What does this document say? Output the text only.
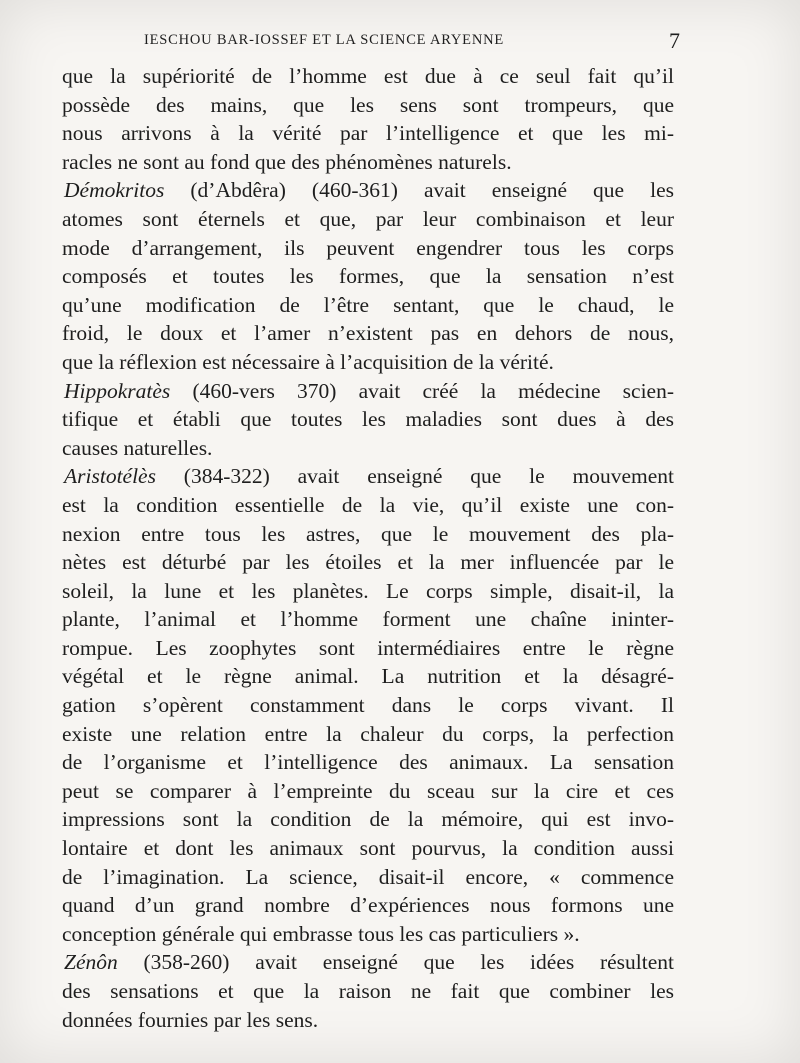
IESCHOU BAR-IOSSEF ET LA SCIENCE ARYENNE	7

que la supériorité de l’homme est due à ce seul fait qu’il
possède des mains, que les sens sont trompeurs, que
nous arrivons à la vérité par l’intelligence et que les mi-
racles ne sont au fond que des phénomènes naturels.

Démokritos (d’Abdêra) (460-361) avait enseigné que les
atomes sont éternels et que, par leur combinaison et leur
mode d’arrangement, ils peuvent engendrer tous les corps
composés et toutes les formes, que la sensation n’est
qu’une modification de l’être sentant, que le chaud, le
froid, le doux et l’amer n’existent pas en dehors de nous,
que la réflexion est nécessaire à l’acquisition de la vérité.

Hippokratès (460-vers 370) avait créé la médecine scien-
tifique et établi que toutes les maladies sont dues à des
causes naturelles.

Aristotélès (384-322) avait enseigné que le mouvement
est la condition essentielle de la vie, qu’il existe une con-
nexion entre tous les astres, que le mouvement des pla-
nètes est déturbé par les étoiles et la mer influencée par le
soleil, la lune et les planètes. Le corps simple, disait-il, la
plante, l’animal et l’homme forment une chaîne ininter-
rompue. Les zoophytes sont intermédiaires entre le règne
végétal et le règne animal. La nutrition et la désagré-
gation s’opèrent constamment dans le corps vivant. Il
existe une relation entre la chaleur du corps, la perfection
de l’organisme et l’intelligence des animaux. La sensation
peut se comparer à l’empreinte du sceau sur la cire et ces
impressions sont la condition de la mémoire, qui est invo-
lontaire et dont les animaux sont pourvus, la condition aussi
de l’imagination. La science, disait-il encore, « commence
quand d’un grand nombre d’expériences nous formons une
conception générale qui embrasse tous les cas particuliers ».

Zénôn (358-260) avait enseigné que les idées résultent
des sensations et que la raison ne fait que combiner les
données fournies par les sens.
